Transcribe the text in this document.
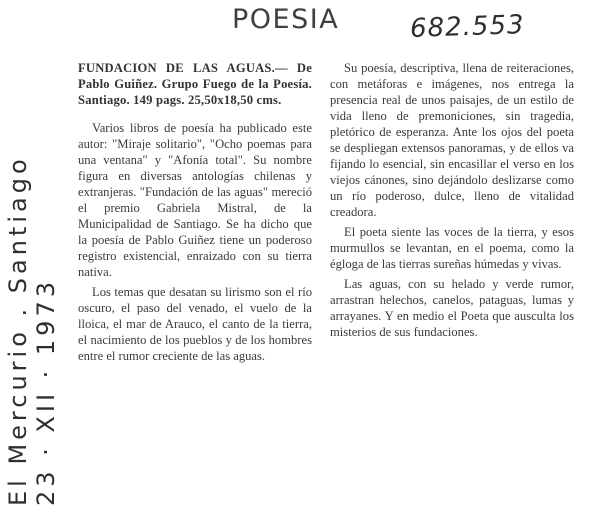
POESIA	682.553
El Mercurio . Santiago 23 · XII · 1973

FUNDACION DE LAS AGUAS.— De Pablo Guiñez. Grupo Fuego de la Poesía. Santiago. 149 pags. 25,50x18,50 cms.

Varios libros de poesía ha publicado este autor: "Miraje solitario", "Ocho poemas para una ventana" y "Afonía total". Su nombre figura en diversas antologías chilenas y extranjeras. "Fundación de las aguas" mereció el premio Gabriela Mistral, de la Municipalidad de Santiago. Se ha dicho que la poesía de Pablo Guiñez tiene un poderoso registro existencial, enraizado con su tierra nativa.

Los temas que desatan su lirismo son el río oscuro, el paso del venado, el vuelo de la lloica, el mar de Arauco, el canto de la tierra, el nacimiento de los pueblos y de los hombres entre el rumor creciente de las aguas.

Su poesía, descriptiva, llena de reiteraciones, con metáforas e imágenes, nos entrega la presencia real de unos paisajes, de un estilo de vida lleno de premoniciones, sin tragedia, pletórico de esperanza. Ante los ojos del poeta se despliegan extensos panoramas, y de ellos va fijando lo esencial, sin encasillar el verso en los viejos cánones, sino dejándolo deslizarse como un río poderoso, dulce, lleno de vitalidad creadora.

El poeta siente las voces de la tierra, y esos murmullos se levantan, en el poema, como la égloga de las tierras sureñas húmedas y vivas.

Las aguas, con su helado y verde rumor, arrastran helechos, canelos, pataguas, lumas y arrayanes. Y en medio el Poeta que ausculta los misterios de sus fundaciones.
